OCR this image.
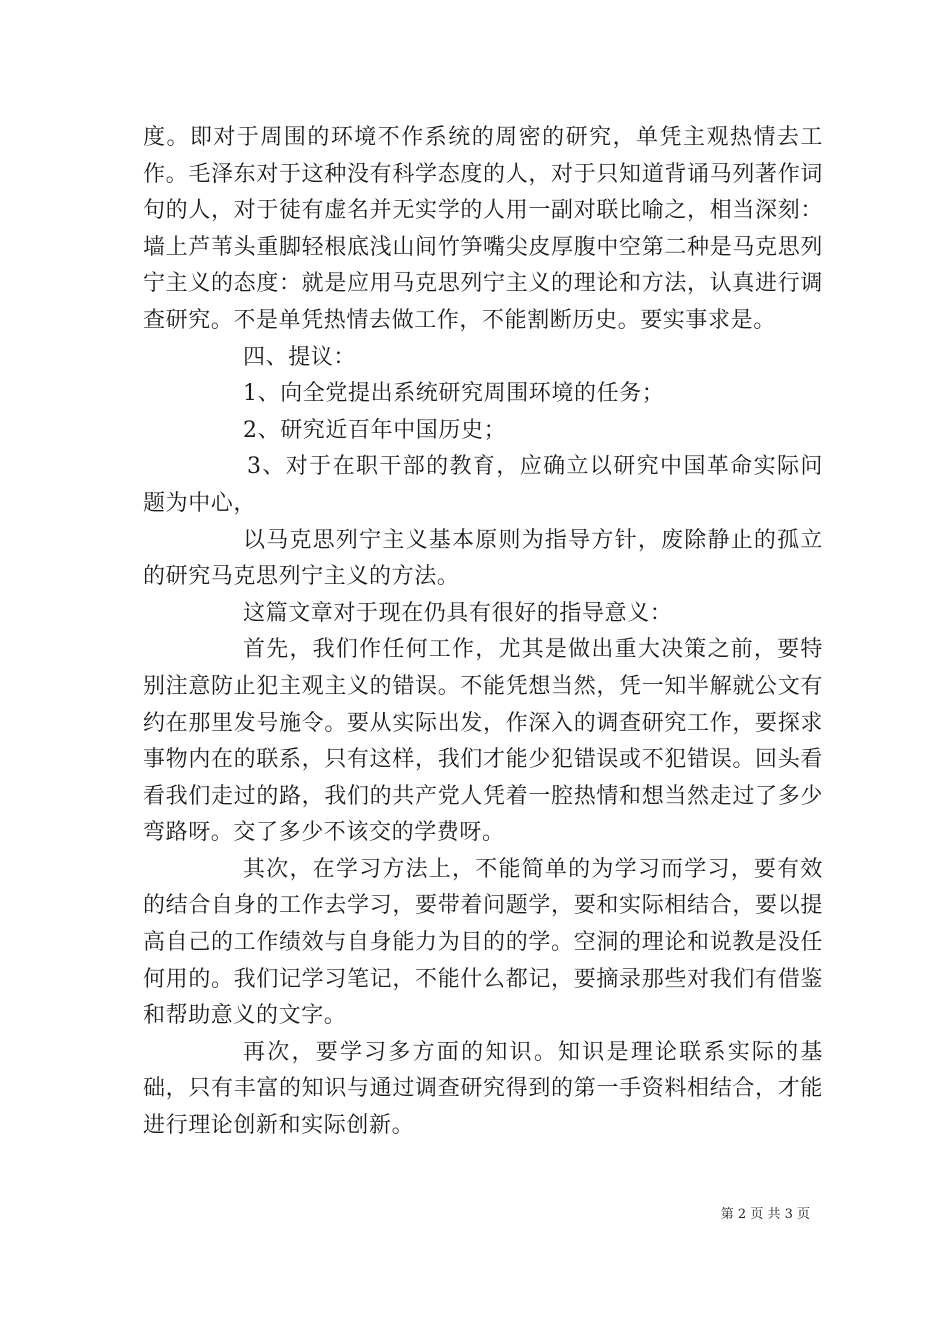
度。即对于周围的环境不作系统的周密的研究，单凭主观热情去工作。毛泽东对于这种没有科学态度的人，对于只知道背诵马列著作词句的人，对于徒有虚名并无实学的人用一副对联比喻之，相当深刻：墙上芦苇头重脚轻根底浅山间竹笋嘴尖皮厚腹中空第二种是马克思列宁主义的态度：就是应用马克思列宁主义的理论和方法，认真进行调查研究。不是单凭热情去做工作，不能割断历史。要实事求是。

四、提议：

1、向全党提出系统研究周围环境的任务；

2、研究近百年中国历史；

3、对于在职干部的教育，应确立以研究中国革命实际问题为中心，

以马克思列宁主义基本原则为指导方针，废除静止的孤立的研究马克思列宁主义的方法。

这篇文章对于现在仍具有很好的指导意义：

首先，我们作任何工作，尤其是做出重大决策之前，要特别注意防止犯主观主义的错误。不能凭想当然，凭一知半解就公文有约在那里发号施令。要从实际出发，作深入的调查研究工作，要探求事物内在的联系，只有这样，我们才能少犯错误或不犯错误。回头看看我们走过的路，我们的共产党人凭着一腔热情和想当然走过了多少弯路呀。交了多少不该交的学费呀。

其次，在学习方法上，不能简单的为学习而学习，要有效的结合自身的工作去学习，要带着问题学，要和实际相结合，要以提高自己的工作绩效与自身能力为目的的学。空洞的理论和说教是没任何用的。我们记学习笔记，不能什么都记，要摘录那些对我们有借鉴和帮助意义的文字。

再次，要学习多方面的知识。知识是理论联系实际的基础，只有丰富的知识与通过调查研究得到的第一手资料相结合，才能进行理论创新和实际创新。

第 2 页 共 3 页
